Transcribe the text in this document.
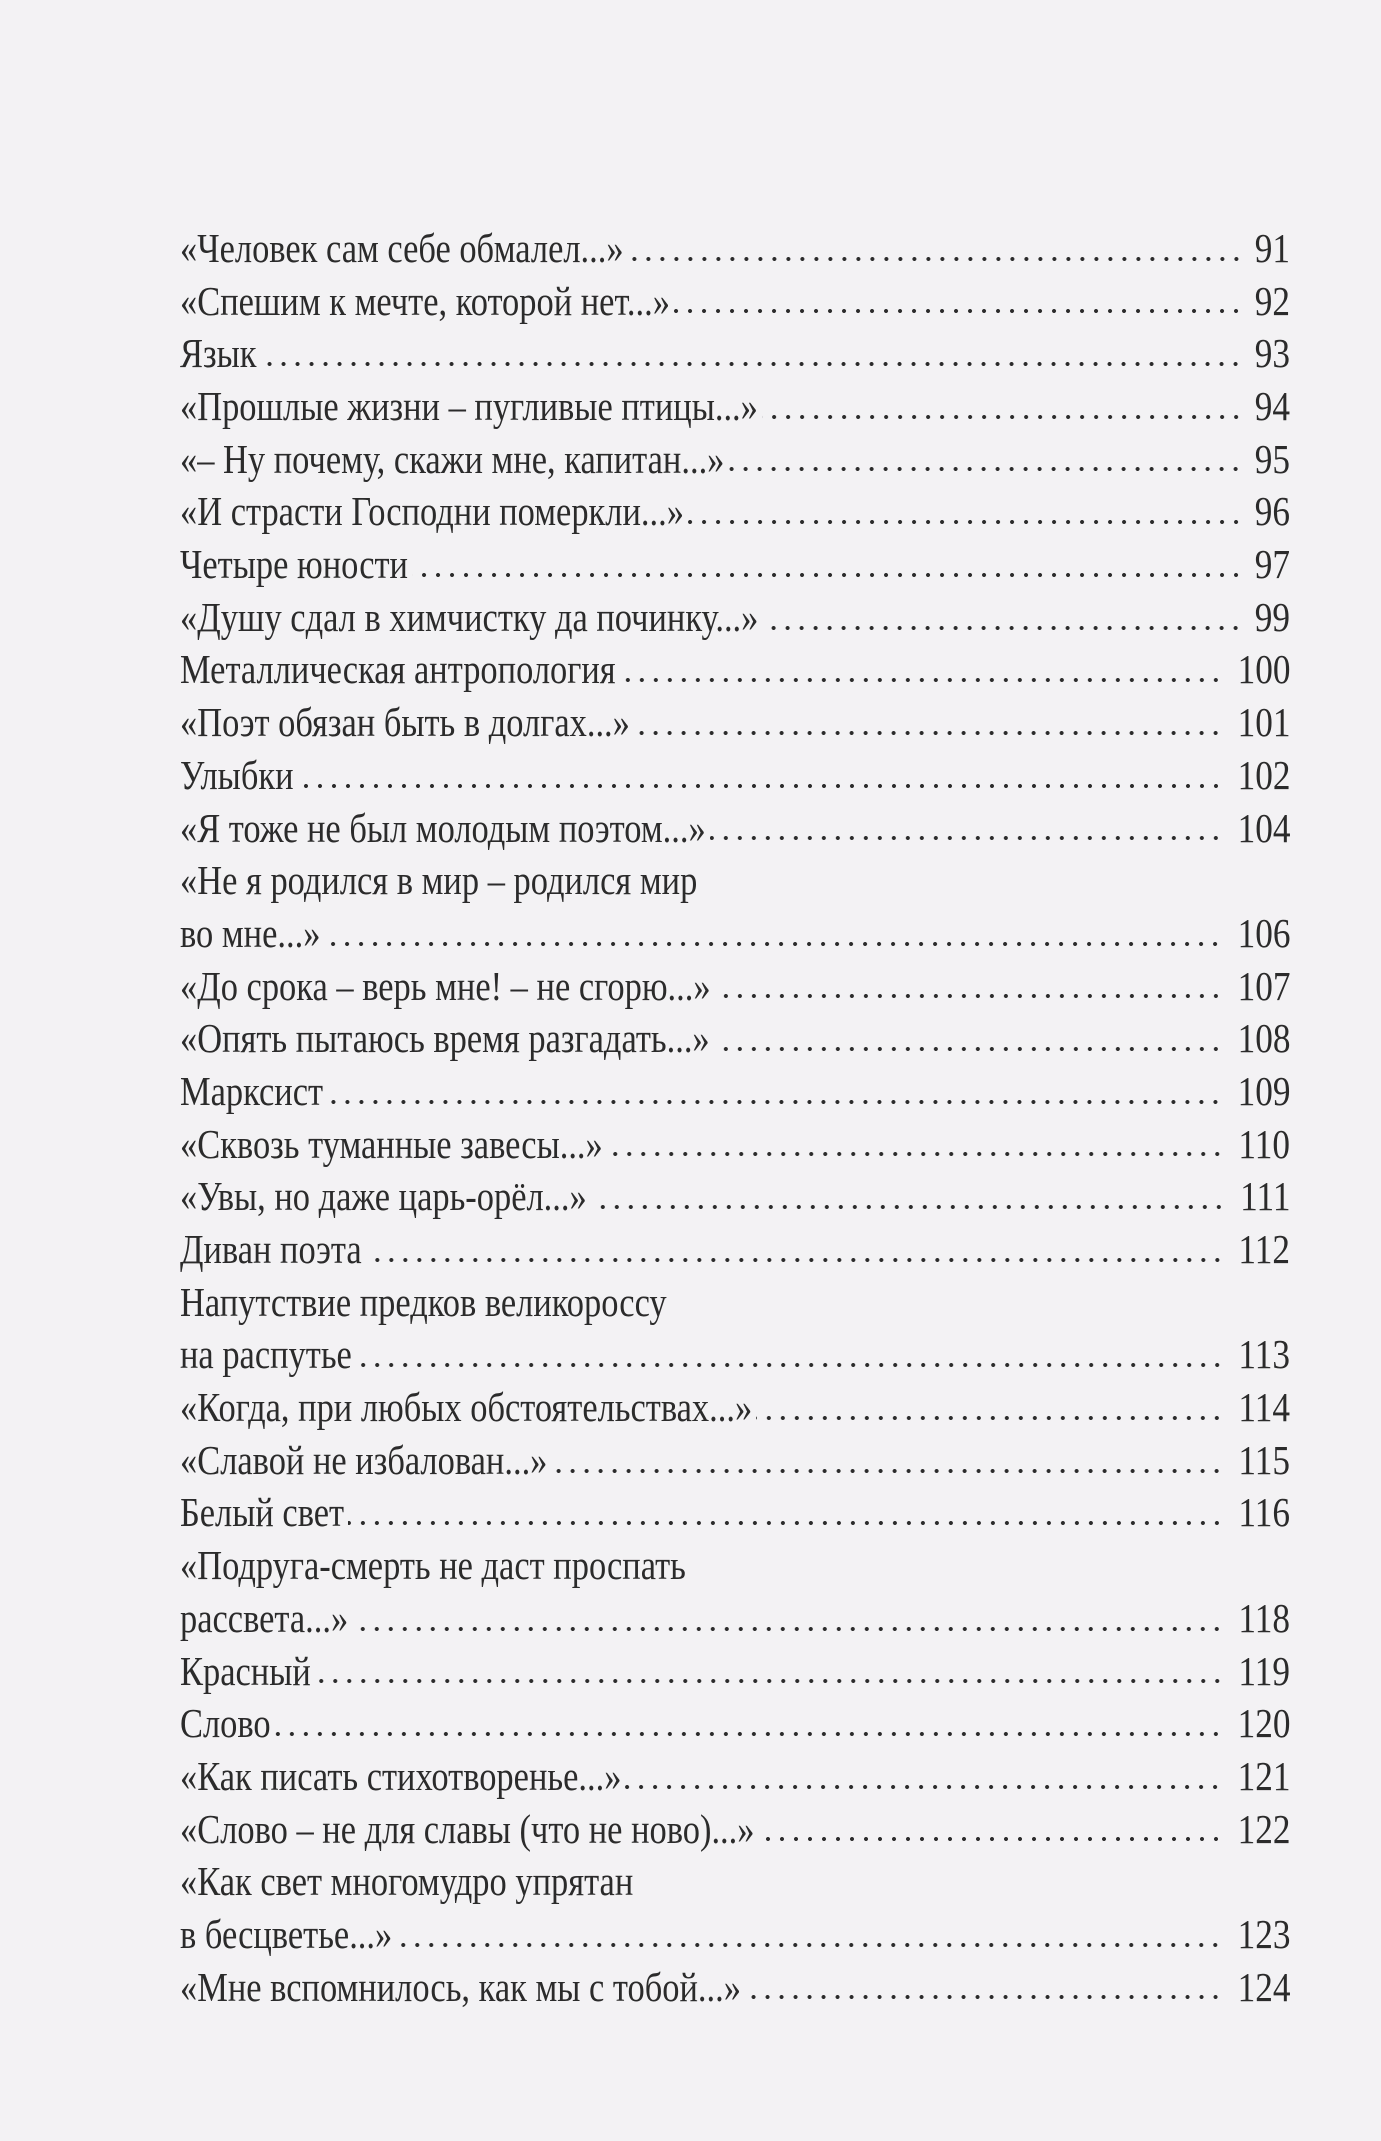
«Человек сам себе обмалел...»	91
«Спешим к мечте, которой нет...»	92
Язык	93
«Прошлые жизни – пугливые птицы...»	94
«– Ну почему, скажи мне, капитан...»	95
«И страсти Господни померкли...»	96
Четыре юности	97
«Душу сдал в химчистку да починку...»	99
Металлическая антропология	100
«Поэт обязан быть в долгах...»	101
Улыбки	102
«Я тоже не был молодым поэтом...»	104
«Не я родился в мир – родился мир
во мне...»	106
«До срока – верь мне! – не сгорю...»	107
«Опять пытаюсь время разгадать...»	108
Марксист	109
«Сквозь туманные завесы...»	110
«Увы, но даже царь-орёл...»	111
Диван поэта	112
Напутствие предков великороссу
на распутье	113
«Когда, при любых обстоятельствах...»	114
«Славой не избалован...»	115
Белый свет	116
«Подруга-смерть не даст проспать
рассвета...»	118
Красный	119
Слово	120
«Как писать стихотворенье...»	121
«Слово – не для славы (что не ново)...»	122
«Как свет многомудро упрятан
в бесцветье...»	123
«Мне вспомнилось, как мы с тобой...»	124
